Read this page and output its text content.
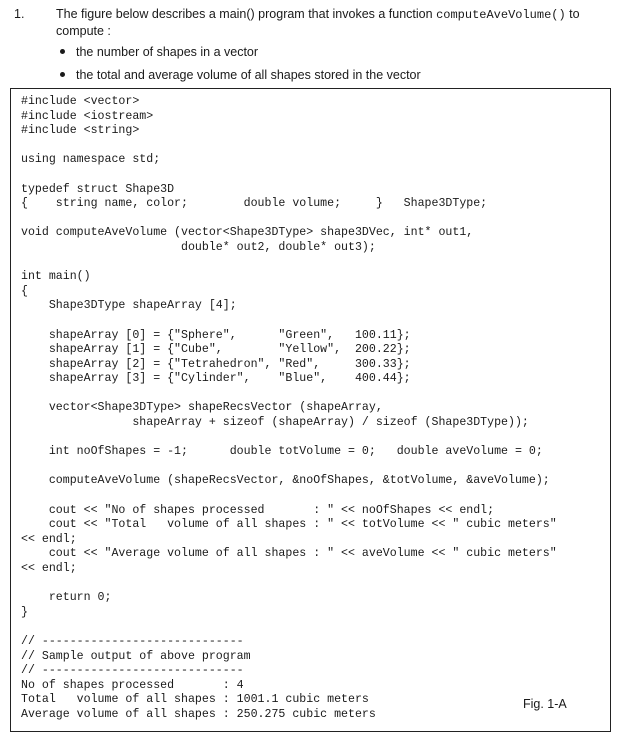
1.	The figure below describes a main() program that invokes a function computeAveVolume() to compute :
the number of shapes in a vector
the total and average volume of all shapes stored in the vector
#include <vector>
#include <iostream>
#include <string>
using namespace std;
typedef struct Shape3D
{    string name, color;        double volume;     }   Shape3DType;
void computeAveVolume (vector<Shape3DType> shape3DVec, int* out1,
double* out2, double* out3);
int main()
{
Shape3DType shapeArray [4];
shapeArray [0] = {"Sphere",      "Green",   100.11};
shapeArray [1] = {"Cube",        "Yellow",  200.22};
shapeArray [2] = {"Tetrahedron", "Red",     300.33};
shapeArray [3] = {"Cylinder",    "Blue",    400.44};
vector<Shape3DType> shapeRecsVector (shapeArray,
shapeArray + sizeof (shapeArray) / sizeof (Shape3DType));
int noOfShapes = -1;      double totVolume = 0;   double aveVolume = 0;
computeAveVolume (shapeRecsVector, &noOfShapes, &totVolume, &aveVolume);
cout << "No of shapes processed       : " << noOfShapes << endl;
cout << "Total   volume of all shapes : " << totVolume << " cubic meters"
<< endl;
cout << "Average volume of all shapes : " << aveVolume << " cubic meters"
<< endl;
return 0;
}
// -----------------------------
// Sample output of above program
// -----------------------------
No of shapes processed       : 4
Total   volume of all shapes : 1001.1 cubic meters
Average volume of all shapes : 250.275 cubic meters
Fig. 1-A
